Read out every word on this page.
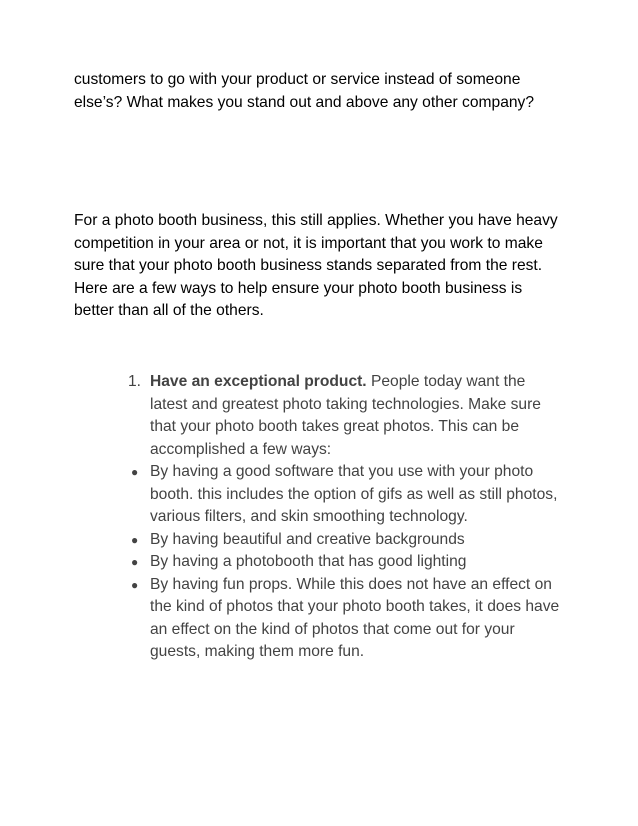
customers to go with your product or service instead of someone
else’s? What makes you stand out and above any other company?

For a photo booth business, this still applies. Whether you have heavy
competition in your area or not, it is important that you work to make
sure that your photo booth business stands separated from the rest.
Here are a few ways to help ensure your photo booth business is
better than all of the others.

1. Have an exceptional product. People today want the
latest and greatest photo taking technologies. Make sure
that your photo booth takes great photos. This can be
accomplished a few ways:
● By having a good software that you use with your photo
booth. this includes the option of gifs as well as still photos,
various filters, and skin smoothing technology.
● By having beautiful and creative backgrounds
● By having a photobooth that has good lighting
● By having fun props. While this does not have an effect on
the kind of photos that your photo booth takes, it does have
an effect on the kind of photos that come out for your
guests, making them more fun.
